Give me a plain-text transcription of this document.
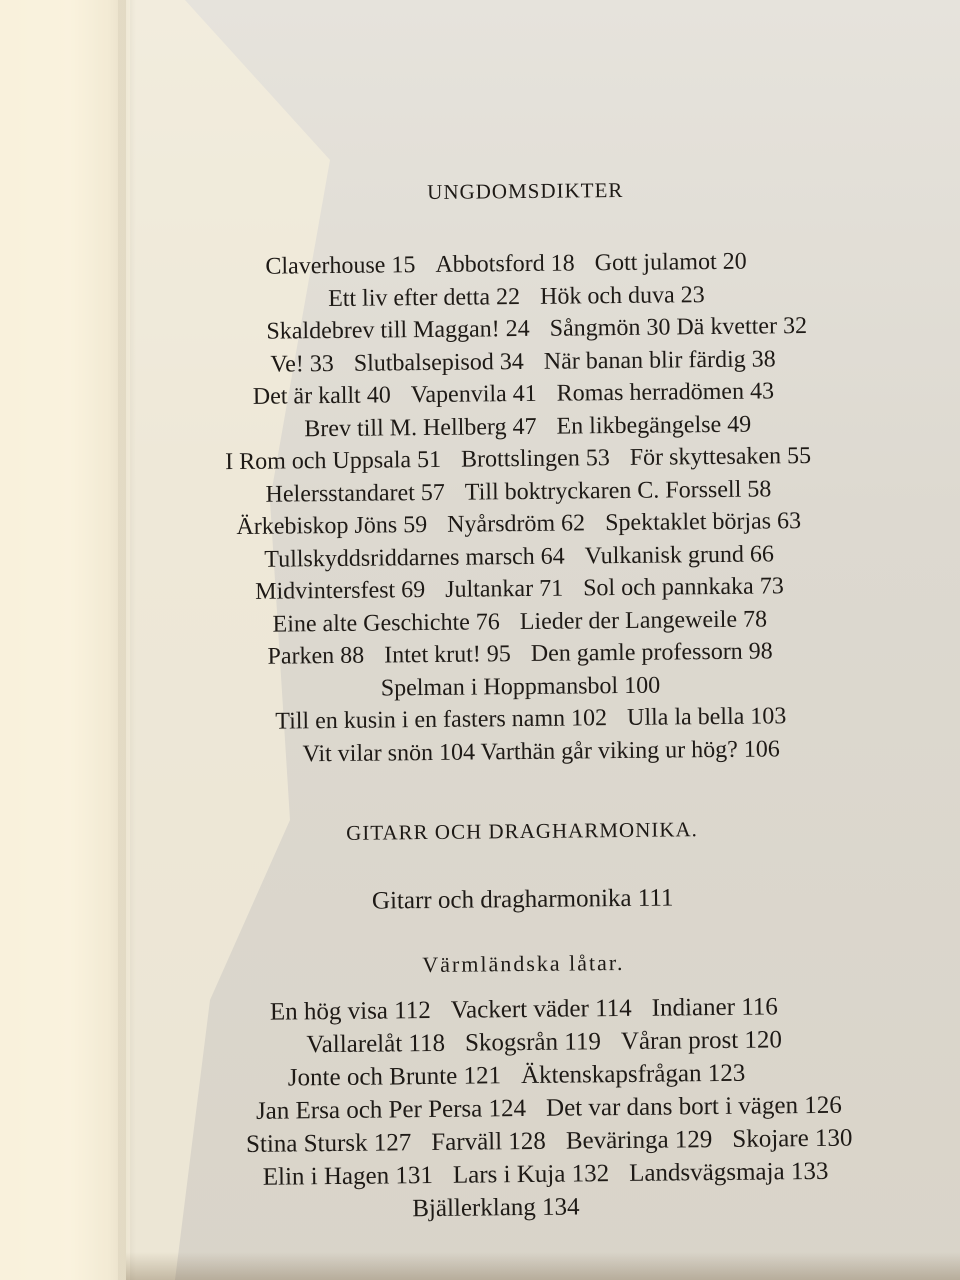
UNGDOMSDIKTER
Claverhouse 15 Abbotsford 18 Gott julamot 20
Ett liv efter detta 22 Hök och duva 23
Skaldebrev till Maggan! 24 Sångmön 30 Dä kvetter 32
Ve! 33 Slutbalsepisod 34 När banan blir färdig 38
Det är kallt 40 Vapenvila 41 Romas herradömen 43
Brev till M. Hellberg 47 En likbegängelse 49
I Rom och Uppsala 51 Brottslingen 53 För skyttesaken 55
Helersstandaret 57 Till boktryckaren C. Forssell 58
Ärkebiskop Jöns 59 Nyårsdröm 62 Spektaklet börjas 63
Tullskyddsriddarnes marsch 64 Vulkanisk grund 66
Midvintersfest 69 Jultankar 71 Sol och pannkaka 73
Eine alte Geschichte 76 Lieder der Langeweile 78
Parken 88 Intet krut! 95 Den gamle professorn 98
Spelman i Hoppmansbol 100
Till en kusin i en fasters namn 102 Ulla la bella 103
Vit vilar snön 104 Varthän går viking ur hög? 106
GITARR OCH DRAGHARMONIKA.
Gitarr och dragharmonika 111
Värmländska låtar.
En hög visa 112 Vackert väder 114 Indianer 116
Vallarelåt 118 Skogsrån 119 Våran prost 120
Jonte och Brunte 121 Äktenskapsfrågan 123
Jan Ersa och Per Persa 124 Det var dans bort i vägen 126
Stina Stursk 127 Farväll 128 Beväringa 129 Skojare 130
Elin i Hagen 131 Lars i Kuja 132 Landsvägsmaja 133
Bjällerklang 134
